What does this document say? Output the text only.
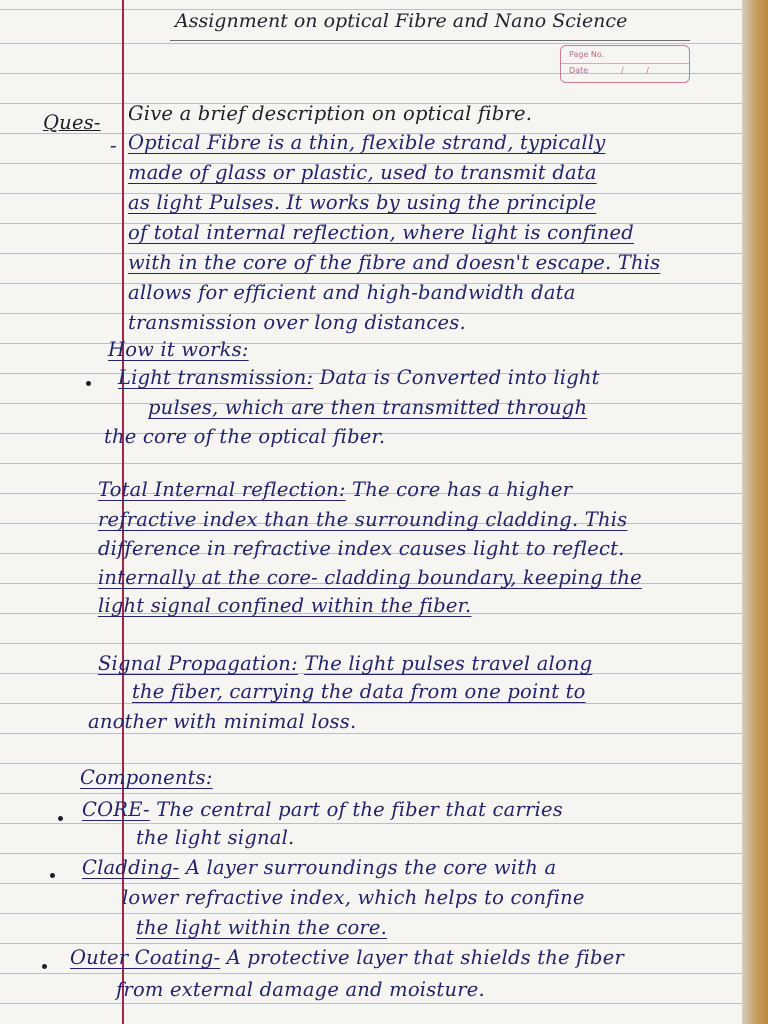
Assignment on optical Fibre and Nano Science
Page No.
Date	/ /
Ques- Give a brief description on optical fibre.
- Optical Fibre is a thin, flexible strand, typically
made of glass or plastic, used to transmit data
as light Pulses. It works by using the principle
of total internal reflection, where light is confined
with in the core of the fibre and doesn't escape. This
allows for efficient and high-bandwidth data
transmission over long distances.
How it works:
Light transmission: Data is Converted into light
pulses, which are then transmitted through
the core of the optical fiber.
Total Internal reflection: The core has a higher
refractive index than the surrounding cladding. This
difference in refractive index causes light to reflect.
internally at the core- cladding boundary, keeping the
light signal confined within the fiber.
Signal Propagation: The light pulses travel along
the fiber, carrying the data from one point to
another with minimal loss.
Components:
CORE- The central part of the fiber that carries
the light signal.
Cladding- A layer surroundings the core with a
lower refractive index, which helps to confine
the light within the core.
Outer Coating- A protective layer that shields the fiber
from external damage and moisture.
